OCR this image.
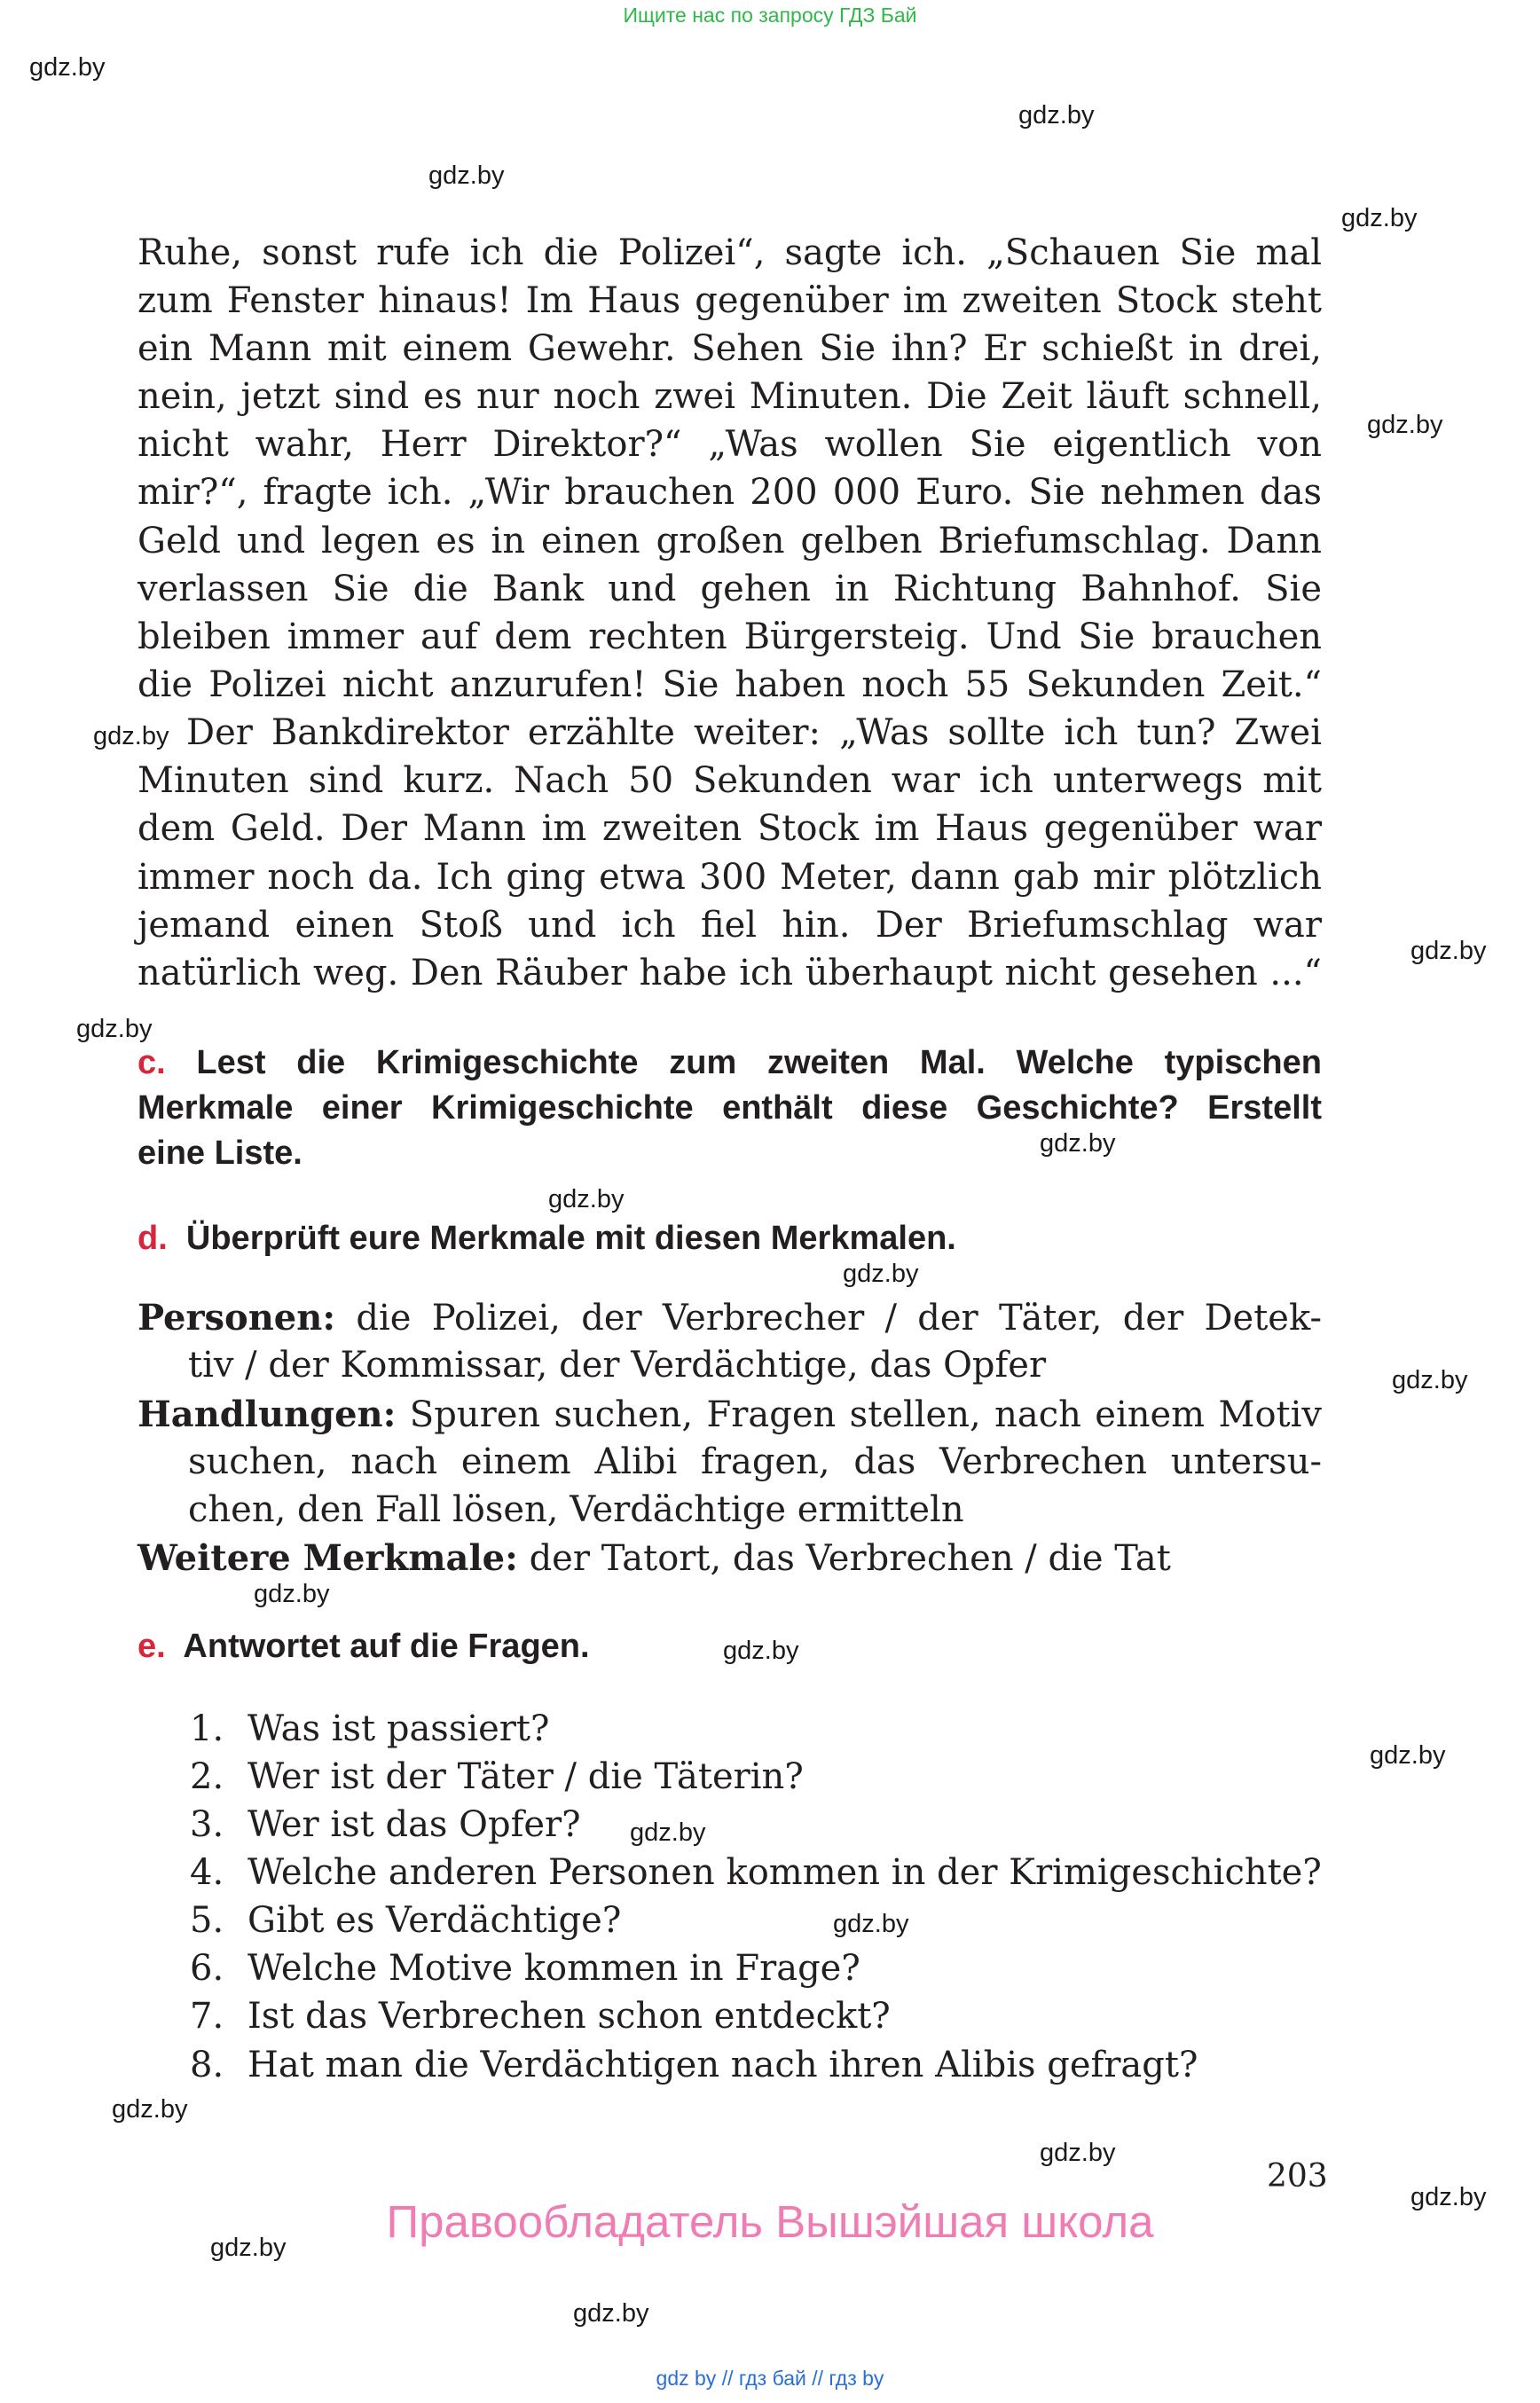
Ищите нас по запросу ГДЗ Бай
gdz.by
gdz.by
gdz.by
gdz.by
gdz.by
gdz.by
gdz.by
gdz.by
gdz.by
gdz.by
gdz.by
gdz.by
gdz.by
gdz.by
gdz.by
gdz.by
gdz.by
gdz.by
gdz.by
gdz.by
gdz.by
gdz.by
Ruhe, sonst rufe ich die Polizei“, sagte ich. „Schauen Sie mal
zum Fenster hinaus! Im Haus gegenüber im zweiten Stock steht
ein Mann mit einem Gewehr. Sehen Sie ihn? Er schießt in drei,
nein, jetzt sind es nur noch zwei Minuten. Die Zeit läuft schnell,
nicht wahr, Herr Direktor?“ „Was wollen Sie eigentlich von
mir?“, fragte ich. „Wir brauchen 200 000 Euro. Sie nehmen das
Geld und legen es in einen großen gelben Briefumschlag. Dann
verlassen Sie die Bank und gehen in Richtung Bahnhof. Sie
bleiben immer auf dem rechten Bürgersteig. Und Sie brauchen
die Polizei nicht anzurufen! Sie haben noch 55 Sekunden Zeit.“
Der Bankdirektor erzählte weiter: „Was sollte ich tun? Zwei
Minuten sind kurz. Nach 50 Sekunden war ich unterwegs mit
dem Geld. Der Mann im zweiten Stock im Haus gegenüber war
immer noch da. Ich ging etwa 300 Meter, dann gab mir plötzlich
jemand einen Stoß und ich fiel hin. Der Briefumschlag war
natürlich weg. Den Räuber habe ich überhaupt nicht gesehen ...“
c. Lest die Krimigeschichte zum zweiten Mal. Welche typischen
Merkmale einer Krimigeschichte enthält diese Geschichte? Erstellt
eine Liste.
d. Überprüft eure Merkmale mit diesen Merkmalen.
Personen: die Polizei, der Verbrecher / der Täter, der Detek-
tiv / der Kommissar, der Verdächtige, das Opfer
Handlungen: Spuren suchen, Fragen stellen, nach einem Motiv
suchen, nach einem Alibi fragen, das Verbrechen untersu-
chen, den Fall lösen, Verdächtige ermitteln
Weitere Merkmale: der Tatort, das Verbrechen / die Tat
e. Antwortet auf die Fragen.
1. Was ist passiert?
2. Wer ist der Täter / die Täterin?
3. Wer ist das Opfer?
4. Welche anderen Personen kommen in der Krimigeschichte?
5. Gibt es Verdächtige?
6. Welche Motive kommen in Frage?
7. Ist das Verbrechen schon entdeckt?
8. Hat man die Verdächtigen nach ihren Alibis gefragt?
203
Правообладатель Вышэйшая школа
gdz by // гдз бай // гдз by
